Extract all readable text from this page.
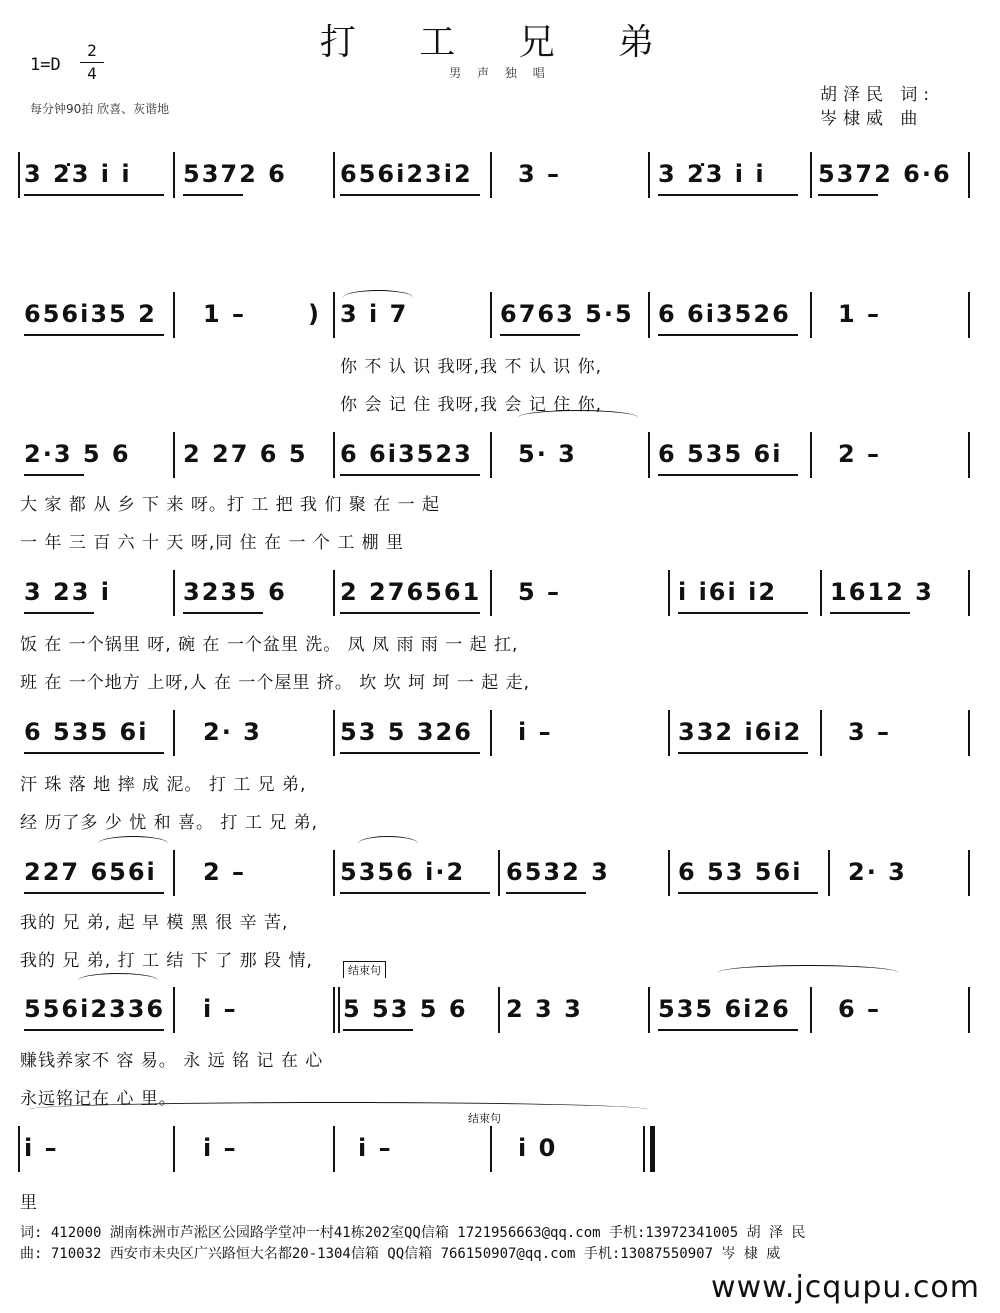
打 工 兄 弟
男 声 独 唱
1=D
2
4
每分钟90拍 欣喜、灰谐地
胡泽民 词:
岑棣威 曲
3 2͘3 i i 5372 6 656i23i2 3 –	3 2͘3 i i 5372 6·6
656i35 2 1 –	) 3 i 7	6763 5·5 6 6i3526 1 –
你 不 认 识 我呀,我 不 认 识 你,
你 会 记 住 我呀,我 会 记 住 你,
2·3 5 6 2 27 6 5 6 6i3523 5· 3	6 535 6i 2 –
大 家 都 从 乡 下 来 呀。打 工 把 我 们 聚 在 一 起
一 年 三 百 六 十 天 呀,同 住 在 一 个 工 棚 里
3 23 i	3235 6 2 276561 5 –	i i6i i2 1612 3
饭 在 一个锅里 呀, 碗 在 一个盆里 洗。 凤 凤 雨 雨 一 起 扛,
班 在 一个地方 上呀,人 在 一个屋里 挤。 坎 坎 坷 坷 一 起 走,
6 535 6i 2· 3	53 5 326 i –	332 i6i2 3 –
汗 珠 落 地 摔 成 泥。 打 工 兄 弟,
经 历了多 少 忧 和 喜。 打 工 兄 弟,
227 656i 2 –	5356 i·2 6532 3	6 53 56i 2· 3
我的 兄 弟, 起 早 模 黑 很 辛 苦,
我的 兄 弟, 打 工 结 下 了 那 段 情,	结束句
556i2336 i –	5 53 5 6 2 3 3	535 6i26 6 –
赚钱养家不 容 易。 永 远 铭 记 在 心
永远铭记在 心 里。
结束句
i –	i –	i –	i 0
里
词: 412000 湖南株洲市芦淞区公园路学堂冲一村41栋202室QQ信箱 1721956663@qq.com 手机:13972341005 胡 泽 民
曲: 710032 西安市未央区广兴路恒大名都20-1304信箱 QQ信箱 766150907@qq.com 手机:13087550907 岑 棣 威
www.jcqupu.com
